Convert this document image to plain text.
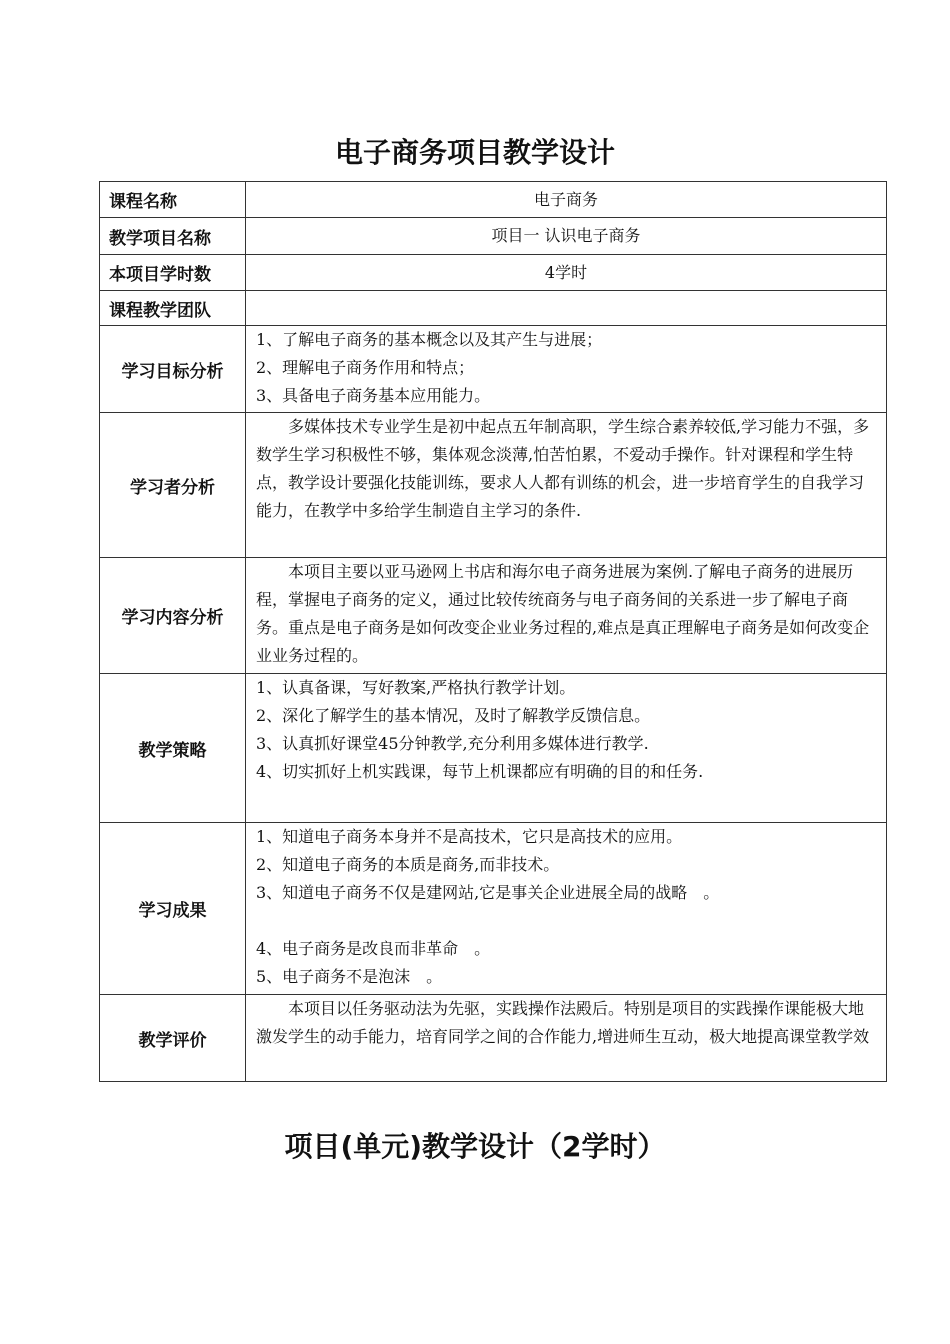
电子商务项目教学设计
课程名称	电子商务
教学项目名称	项目一 认识电子商务
本项目学时数	4学时
课程教学团队	
学习目标分析	1、了解电子商务的基本概念以及其产生与进展；
2、理解电子商务作用和特点；
3、具备电子商务基本应用能力。

学习者分析	多媒体技术专业学生是初中起点五年制高职，学生综合素养较低,学习能力不强，多数学生学习积极性不够，集体观念淡薄,怕苦怕累，不爱动手操作。针对课程和学生特点，教学设计要强化技能训练，要求人人都有训练的机会，进一步培育学生的自我学习能力，在教学中多给学生制造自主学习的条件.

学习内容分析	本项目主要以亚马逊网上书店和海尔电子商务进展为案例.了解电子商务的进展历程，掌握电子商务的定义，通过比较传统商务与电子商务间的关系进一步了解电子商务。重点是电子商务是如何改变企业业务过程的,难点是真正理解电子商务是如何改变企业业务过程的。

教学策略	1、认真备课，写好教案,严格执行教学计划。
2、深化了解学生的基本情况，及时了解教学反馈信息。
3、认真抓好课堂45分钟教学,充分利用多媒体进行教学.
4、切实抓好上机实践课，每节上机课都应有明确的目的和任务.

学习成果	1、知道电子商务本身并不是高技术，它只是高技术的应用。
2、知道电子商务的本质是商务,而非技术。
3、知道电子商务不仅是建网站,它是事关企业进展全局的战略　。
4、电子商务是改良而非革命　。
5、电子商务不是泡沫　。

教学评价	本项目以任务驱动法为先驱，实践操作法殿后。特别是项目的实践操作课能极大地激发学生的动手能力，培育同学之间的合作能力,增进师生互动，极大地提高课堂教学效
项目(单元)教学设计（2学时）
